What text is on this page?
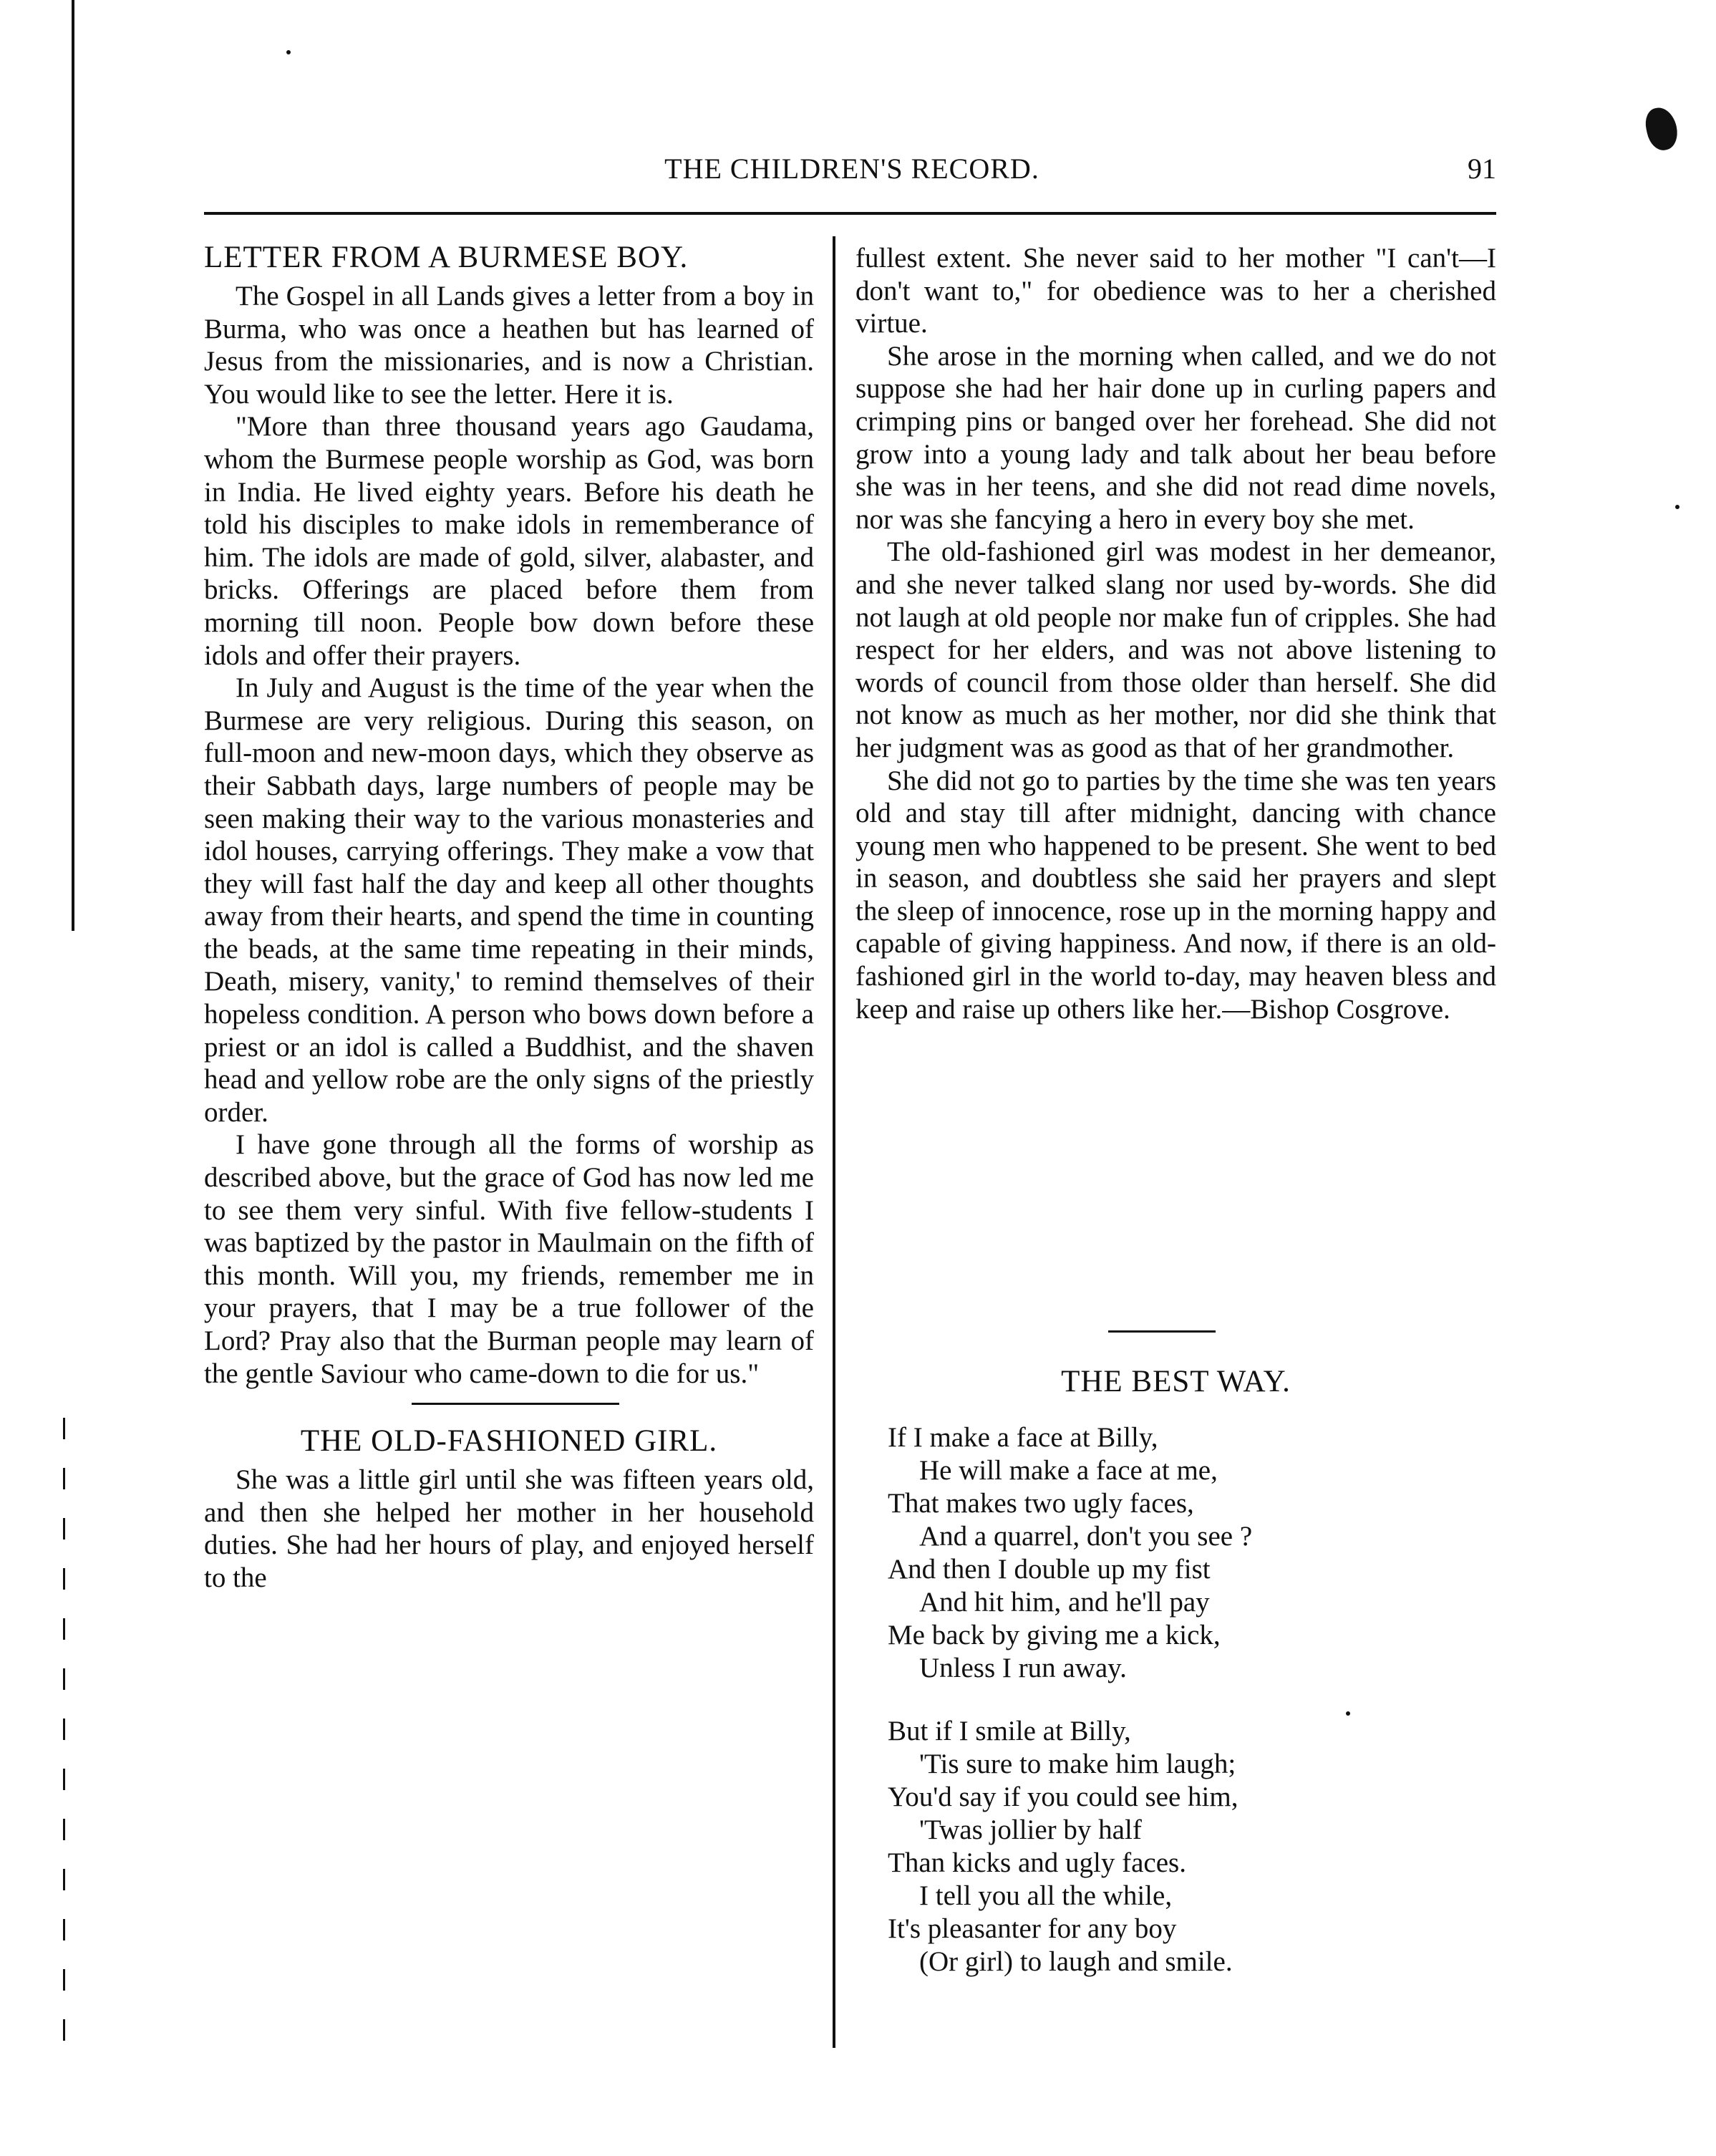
THE CHILDREN'S RECORD.	91
LETTER FROM A BURMESE BOY.

The Gospel in all Lands gives a letter from a boy in Burma, who was once a heathen but has learned of Jesus from the missionaries, and is now a Christian. You would like to see the letter. Here it is.

"More than three thousand years ago Gaudama, whom the Burmese people worship as God, was born in India. He lived eighty years. Before his death he told his disciples to make idols in rememberance of him. The idols are made of gold, silver, alabaster, and bricks. Offerings are placed before them from morning till noon. People bow down before these idols and offer their prayers.

In July and August is the time of the year when the Burmese are very religious. During this season, on full-moon and new-moon days, which they observe as their Sabbath days, large numbers of people may be seen making their way to the various monasteries and idol houses, carrying offerings. They make a vow that they will fast half the day and keep all other thoughts away from their hearts, and spend the time in counting the beads, at the same time repeating in their minds, Death, misery, vanity,' to remind themselves of their hopeless condition. A person who bows down before a priest or an idol is called a Buddhist, and the shaven head and yellow robe are the only signs of the priestly order.

I have gone through all the forms of worship as described above, but the grace of God has now led me to see them very sinful. With five fellow-students I was baptized by the pastor in Maulmain on the fifth of this month. Will you, my friends, remember me in your prayers, that I may be a true follower of the Lord? Pray also that the Burman people may learn of the gentle Saviour who came-down to die for us."

THE OLD-FASHIONED GIRL.

She was a little girl until she was fifteen years old, and then she helped her mother in her household duties. She had her hours of play, and enjoyed herself to the

fullest extent. She never said to her mother "I can't—I don't want to," for obedience was to her a cherished virtue.

She arose in the morning when called, and we do not suppose she had her hair done up in curling papers and crimping pins or banged over her forehead. She did not grow into a young lady and talk about her beau before she was in her teens, and she did not read dime novels, nor was she fancying a hero in every boy she met.

The old-fashioned girl was modest in her demeanor, and she never talked slang nor used by-words. She did not laugh at old people nor make fun of cripples. She had respect for her elders, and was not above listening to words of council from those older than herself. She did not know as much as her mother, nor did she think that her judgment was as good as that of her grandmother.

She did not go to parties by the time she was ten years old and stay till after midnight, dancing with chance young men who happened to be present. She went to bed in season, and doubtless she said her prayers and slept the sleep of innocence, rose up in the morning happy and capable of giving happiness. And now, if there is an old-fashioned girl in the world to-day, may heaven bless and keep and raise up others like her.—Bishop Cosgrove.

THE BEST WAY.
If I make a face at Billy,
He will make a face at me,
That makes two ugly faces,
And a quarrel, don't you see ?
And then I double up my fist
And hit him, and he'll pay
Me back by giving me a kick,
Unless I run away.
But if I smile at Billy,
'Tis sure to make him laugh;
You'd say if you could see him,
'Twas jollier by half
Than kicks and ugly faces.
I tell you all the while,
It's pleasanter for any boy
(Or girl) to laugh and smile.
